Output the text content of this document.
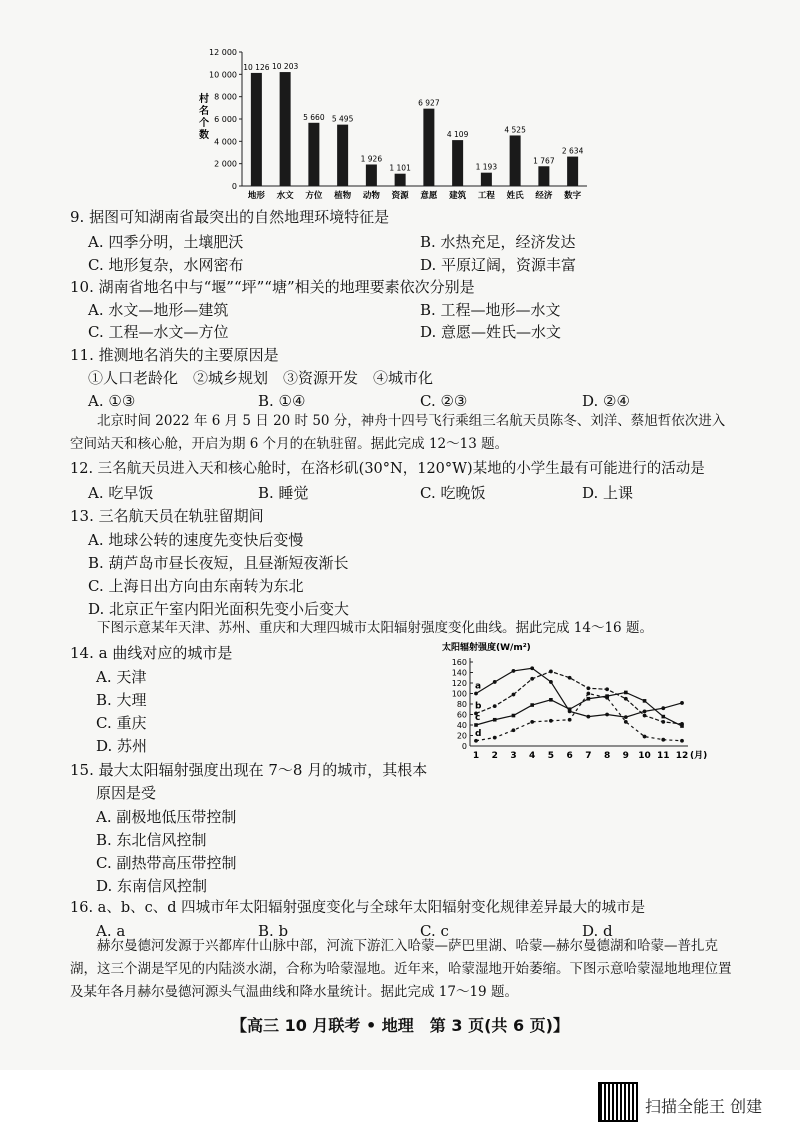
村
名
个
数
0
2 000
4 000
6 000
8 000
10 000
12 000
10 126
地形
10 203
水文
5 660
方位
5 495
植物
1 926
动物
1 101
资源
6 927
意愿
4 109
建筑
1 193
工程
4 525
姓氏
1 767
经济
2 634
数字
9. 据图可知湖南省最突出的自然地理环境特征是
A. 四季分明，土壤肥沃	B. 水热充足，经济发达
C. 地形复杂，水网密布	D. 平原辽阔，资源丰富
10. 湖南省地名中与“堰”“坪”“塘”相关的地理要素依次分别是
A. 水文—地形—建筑	B. 工程—地形—水文
C. 工程—水文—方位	D. 意愿—姓氏—水文
11. 推测地名消失的主要原因是
①人口老龄化　②城乡规划　③资源开发　④城市化
A. ①③	B. ①④	C. ②③	D. ②④
北京时间 2022 年 6 月 5 日 20 时 50 分，神舟十四号飞行乘组三名航天员陈冬、刘洋、蔡旭哲依次进入空间站天和核心舱，开启为期 6 个月的在轨驻留。据此完成 12～13 题。
12. 三名航天员进入天和核心舱时，在洛杉矶(30°N，120°W)某地的小学生最有可能进行的活动是
A. 吃早饭	B. 睡觉	C. 吃晚饭	D. 上课
13. 三名航天员在轨驻留期间
A. 地球公转的速度先变快后变慢
B. 葫芦岛市昼长夜短，且昼渐短夜渐长
C. 上海日出方向由东南转为东北
D. 北京正午室内阳光面积先变小后变大
下图示意某年天津、苏州、重庆和大理四城市太阳辐射强度变化曲线。据此完成 14～16 题。
14. a 曲线对应的城市是
A. 天津
B. 大理
C. 重庆
D. 苏州
太阳辐射强度(W/m²)
0
20
40
60
80
100
120
140
160
1 2 3 4 5 6 7 8 9 10 11 12 (月)
a
b
c
d
15. 最大太阳辐射强度出现在 7～8 月的城市，其根本
原因是受
A. 副极地低压带控制
B. 东北信风控制
C. 副热带高压带控制
D. 东南信风控制
16. a、b、c、d 四城市年太阳辐射强度变化与全球年太阳辐射变化规律差异最大的城市是
A. a	B. b	C. c	D. d
赫尔曼德河发源于兴都库什山脉中部，河流下游汇入哈蒙—萨巴里湖、哈蒙—赫尔曼德湖和哈蒙—普扎克湖，这三个湖是罕见的内陆淡水湖，合称为哈蒙湿地。近年来，哈蒙湿地开始萎缩。下图示意哈蒙湿地地理位置及某年各月赫尔曼德河源头气温曲线和降水量统计。据此完成 17～19 题。
【高三 10 月联考 • 地理　第 3 页(共 6 页)】
扫描全能王 创建
